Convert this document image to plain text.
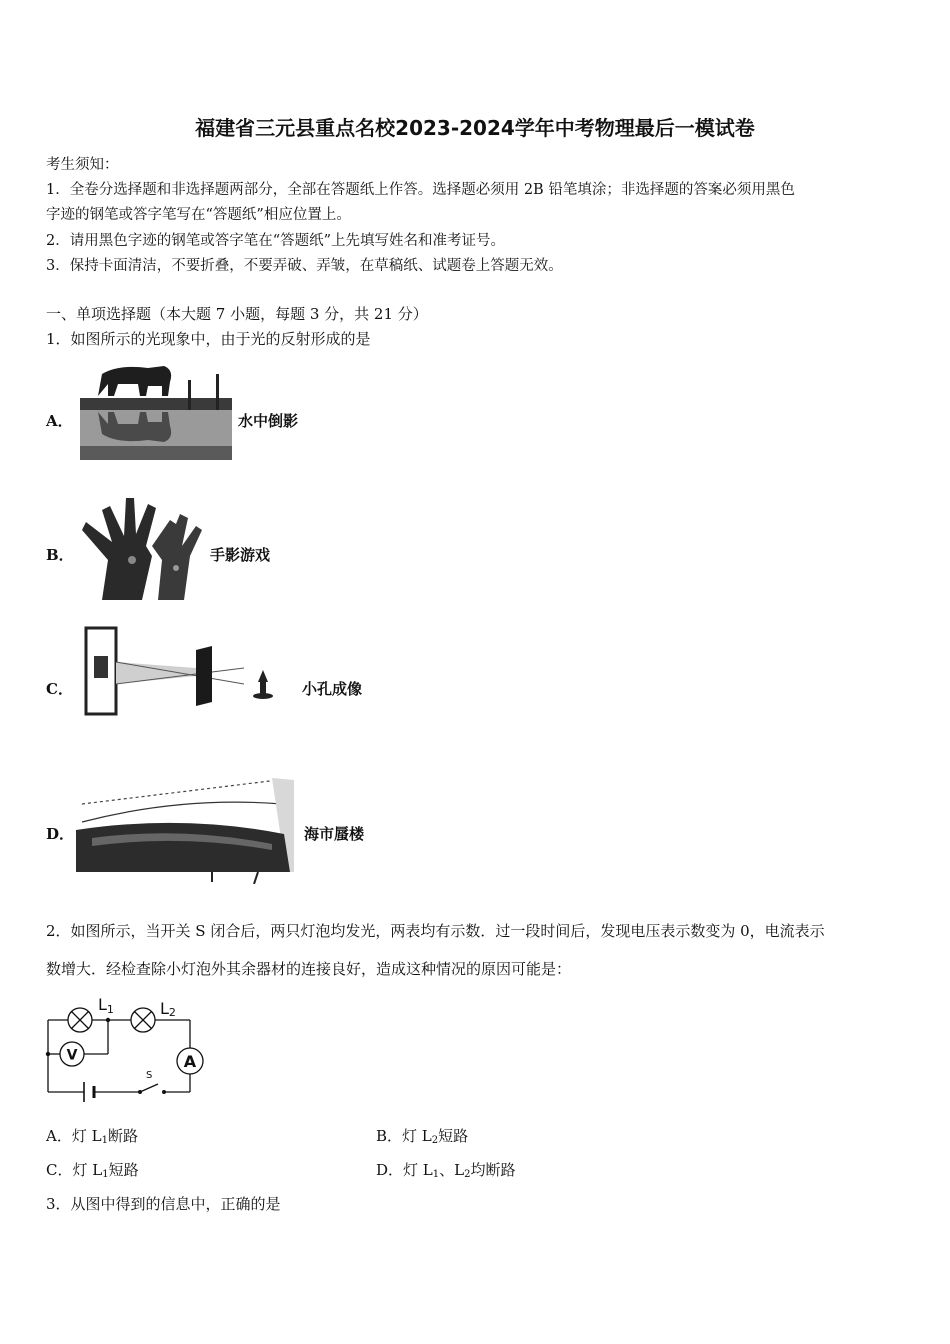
福建省三元县重点名校2023-2024学年中考物理最后一模试卷
考生须知：
1．全卷分选择题和非选择题两部分，全部在答题纸上作答。选择题必须用 2B 铅笔填涂；非选择题的答案必须用黑色
字迹的钢笔或答字笔写在“答题纸”相应位置上。
2．请用黑色字迹的钢笔或答字笔在“答题纸”上先填写姓名和准考证号。
3．保持卡面清洁，不要折叠，不要弄破、弄皱，在草稿纸、试题卷上答题无效。
一、单项选择题（本大题 7 小题，每题 3 分，共 21 分）
1．如图所示的光现象中，由于光的反射形成的是
A．	水中倒影
B．	手影游戏
C．	小孔成像
D．	海市蜃楼
2．如图所示，当开关 S 闭合后，两只灯泡均发光，两表均有示数．过一段时间后，发现电压表示数变为 0，电流表示
数增大．经检查除小灯泡外其余器材的连接良好，造成这种情况的原因可能是：
V	A
L1	L2
S
A．灯 $L_1$断路	B．灯 $L_2$短路
C．灯 $L_1$短路	D．灯 $L_1$、$L_2$均断路
3．从图中得到的信息中，正确的是
